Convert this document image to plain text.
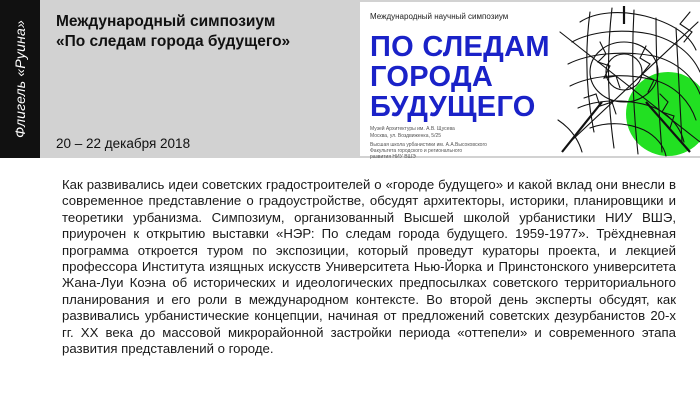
Флигель «Руина» Международный симпозиум
«По следам города будущего»

20 – 22 декабря 2018

Международный научный симпозиум
ПО СЛЕДАМ
ГОРОДА
БУДУЩЕГО
Музей Архитектуры им. А.В. Щусева
Москва, ул. Воздвиженка, 5/25
Высшая школа урбанистики им. А.А.Высоковского
Факультета городского и регионального
развития НИУ ВШЭ

Как развивались идеи советских градостроителей о «городе будущего» и какой вклад они внесли в современное представление о градоустройстве, обсудят архитекторы, историки, планировщики и теоретики урбанизма. Симпозиум, организованный Высшей школой урбанистики НИУ ВШЭ, приурочен к открытию выставки «НЭР: По следам города будущего. 1959-1977». Трёхдневная программа откроется туром по экспозиции, который проведут кураторы проекта, и лекцией профессора Института изящных искусств Университета Нью-Йорка и Принстонского университета Жана-Луи Коэна об исторических и идеологических предпосылках советского территориального планирования и его роли в международном контексте. Во второй день эксперты обсудят, как развивались урбанистические концепции, начиная от предложений советских дезурбанистов 20-х гг. XX века до массовой микрорайонной застройки периода «оттепели» и современного этапа развития представлений о городе.
